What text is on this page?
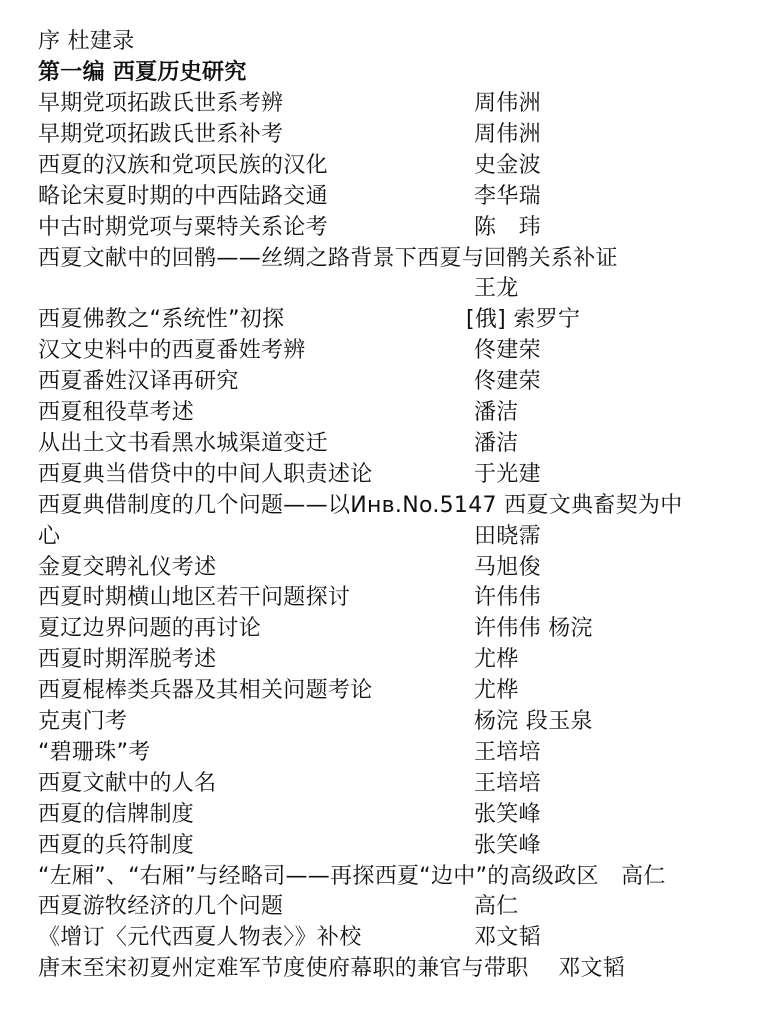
序 杜建录
第一编 西夏历史研究
早期党项拓跋氏世系考辨	周伟洲
早期党项拓跋氏世系补考	周伟洲
西夏的汉族和党项民族的汉化	史金波
略论宋夏时期的中西陆路交通	李华瑞
中古时期党项与粟特关系论考	陈　玮
西夏文献中的回鹘——丝绸之路背景下西夏与回鹘关系补证
王龙
西夏佛教之“系统性”初探	[俄] 索罗宁
汉文史料中的西夏番姓考辨	佟建荣
西夏番姓汉译再研究	佟建荣
西夏租役草考述	潘洁
从出土文书看黑水城渠道变迁	潘洁
西夏典当借贷中的中间人职责述论	于光建
西夏典借制度的几个问题——以Инв.No.5147 西夏文典畜契为中
心	田晓霈
金夏交聘礼仪考述	马旭俊
西夏时期横山地区若干问题探讨	许伟伟
夏辽边界问题的再讨论	许伟伟 杨浣
西夏时期浑脱考述	尤桦
西夏棍棒类兵器及其相关问题考论	尤桦
克夷门考	杨浣 段玉泉
“碧珊珠”考	王培培
西夏文献中的人名	王培培
西夏的信牌制度	张笑峰
西夏的兵符制度	张笑峰
“左厢”、“右厢”与经略司——再探西夏“边中”的高级政区　高仁
西夏游牧经济的几个问题	高仁
《增订〈元代西夏人物表〉》补校	邓文韬
唐末至宋初夏州定难军节度使府幕职的兼官与带职　 邓文韬
